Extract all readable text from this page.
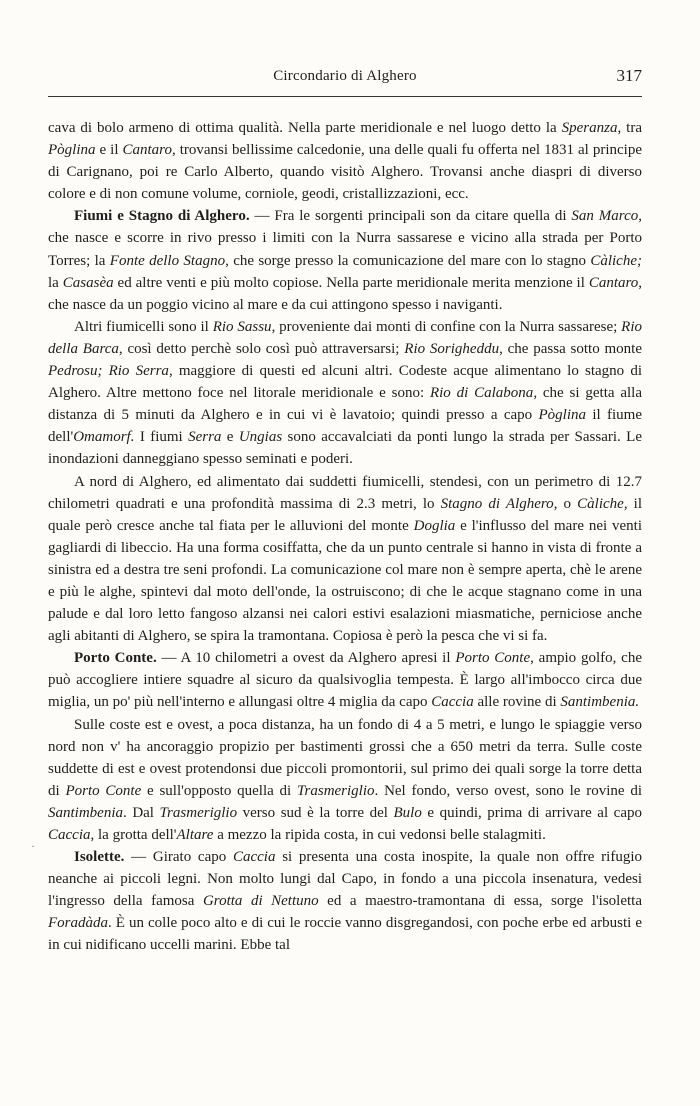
Circondario di Alghero	317

cava di bolo armeno di ottima qualità. Nella parte meridionale e nel luogo detto la Speranza, tra Pòglina e il Cantaro, trovansi bellissime calcedonie, una delle quali fu offerta nel 1831 al principe di Carignano, poi re Carlo Alberto, quando visitò Alghero. Trovansi anche diaspri di diverso colore e di non comune volume, corniole, geodi, cristallizzazioni, ecc.

Fiumi e Stagno di Alghero. — Fra le sorgenti principali son da citare quella di San Marco, che nasce e scorre in rivo presso i limiti con la Nurra sassarese e vicino alla strada per Porto Torres; la Fonte dello Stagno, che sorge presso la comunicazione del mare con lo stagno Càliche; la Casasèa ed altre venti e più molto copiose. Nella parte meridionale merita menzione il Cantaro, che nasce da un poggio vicino al mare e da cui attingono spesso i naviganti.

Altri fiumicelli sono il Rio Sassu, proveniente dai monti di confine con la Nurra sassarese; Rio della Barca, così detto perchè solo così può attraversarsi; Rio Sorigheddu, che passa sotto monte Pedrosu; Rio Serra, maggiore di questi ed alcuni altri. Codeste acque alimentano lo stagno di Alghero. Altre mettono foce nel litorale meridionale e sono: Rio di Calabona, che si getta alla distanza di 5 minuti da Alghero e in cui vi è lavatoio; quindi presso a capo Pòglina il fiume dell'Omamorf. I fiumi Serra e Ungias sono accavalciati da ponti lungo la strada per Sassari. Le inondazioni danneggiano spesso seminati e poderi.

A nord di Alghero, ed alimentato dai suddetti fiumicelli, stendesi, con un perimetro di 12.7 chilometri quadrati e una profondità massima di 2.3 metri, lo Stagno di Alghero, o Càliche, il quale però cresce anche tal fiata per le alluvioni del monte Doglia e l'influsso del mare nei venti gagliardi di libeccio. Ha una forma cosiffatta, che da un punto centrale si hanno in vista di fronte a sinistra ed a destra tre seni profondi. La comunicazione col mare non è sempre aperta, chè le arene e più le alghe, spintevi dal moto dell'onde, la ostruiscono; di che le acque stagnano come in una palude e dal loro letto fangoso alzansi nei calori estivi esalazioni miasmatiche, perniciose anche agli abitanti di Alghero, se spira la tramontana. Copiosa è però la pesca che vi si fa.

Porto Conte. — A 10 chilometri a ovest da Alghero apresi il Porto Conte, ampio golfo, che può accogliere intiere squadre al sicuro da qualsivoglia tempesta. È largo all'imbocco circa due miglia, un po' più nell'interno e allungasi oltre 4 miglia da capo Caccia alle rovine di Santimbenia.

Sulle coste est e ovest, a poca distanza, ha un fondo di 4 a 5 metri, e lungo le spiaggie verso nord non v' ha ancoraggio propizio per bastimenti grossi che a 650 metri da terra. Sulle coste suddette di est e ovest protendonsi due piccoli promontorii, sul primo dei quali sorge la torre detta di Porto Conte e sull'opposto quella di Trasmeriglio. Nel fondo, verso ovest, sono le rovine di Santimbenia. Dal Trasmeriglio verso sud è la torre del Bulo e quindi, prima di arrivare al capo Caccia, la grotta dell'Altare a mezzo la ripida costa, in cui vedonsi belle stalagmiti.

Isolette. — Girato capo Caccia si presenta una costa inospite, la quale non offre rifugio neanche ai piccoli legni. Non molto lungi dal Capo, in fondo a una piccola insenatura, vedesi l'ingresso della famosa Grotta di Nettuno ed a maestro-tramontana di essa, sorge l'isoletta Foradàda. È un colle poco alto e di cui le roccie vanno disgregandosi, con poche erbe ed arbusti e in cui nidificano uccelli marini. Ebbe tal

·
